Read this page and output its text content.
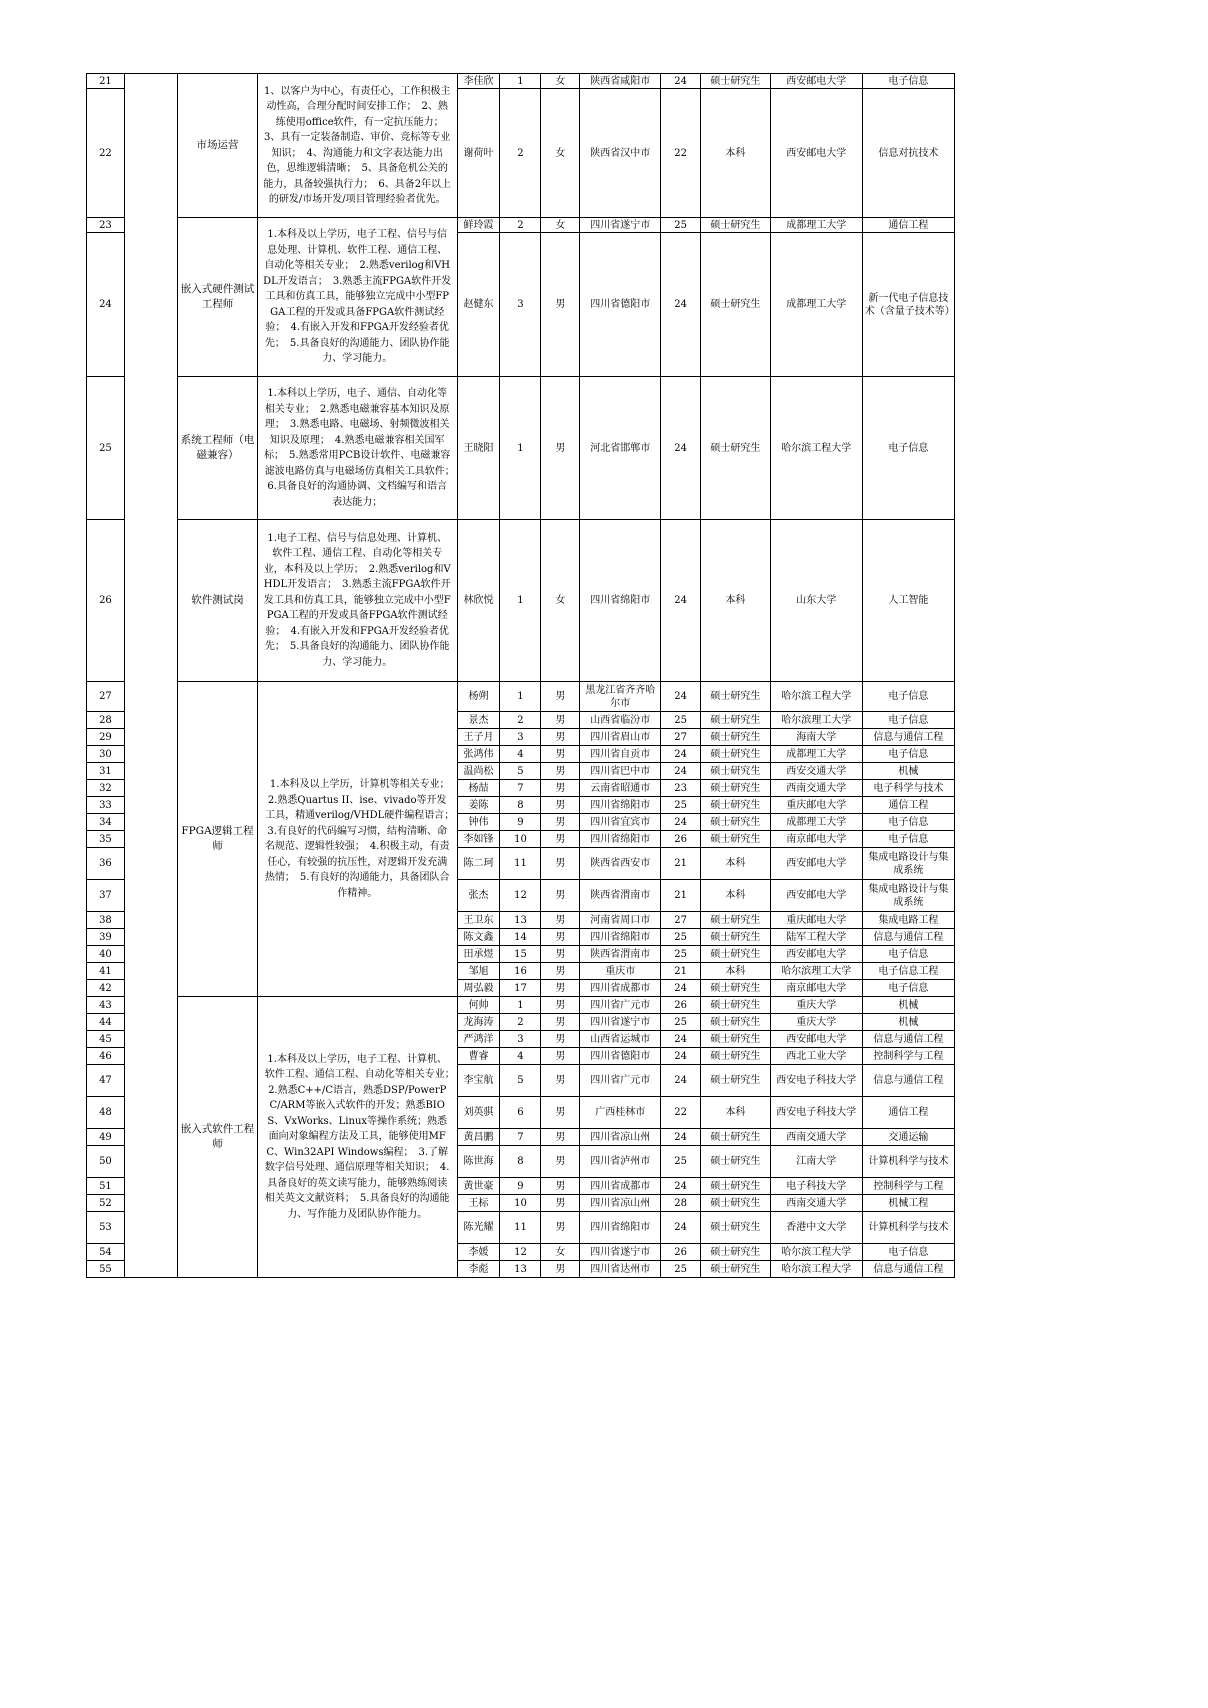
21		市场运营	1、以客户为中心，有责任心，工作积极主动性高，合理分配时间安排工作；　2、熟练使用office软件，有一定抗压能力；　3、具有一定装备制造、审价、竞标等专业知识；　4、沟通能力和文字表达能力出色，思维逻辑清晰；　5、具备危机公关的能力，具备较强执行力；　6、具备2年以上的研发/市场开发/项目管理经验者优先。	李佳欣	1	女	陕西省咸阳市	24	硕士研究生	西安邮电大学	电子信息
22				谢荷叶	2	女	陕西省汉中市	22	本科	西安邮电大学	信息对抗技术
23		嵌入式硬件测试工程师	1.本科及以上学历，电子工程、信号与信息处理、计算机、软件工程、通信工程、自动化等相关专业；　2.熟悉verilog和VHDL开发语言；　3.熟悉主流FPGA软件开发工具和仿真工具，能够独立完成中小型FPGA工程的开发或具备FPGA软件测试经验；　4.有嵌入开发和FPGA开发经验者优先；　5.具备良好的沟通能力、团队协作能力、学习能力。	鲜玲霞	2	女	四川省遂宁市	25	硕士研究生	成都理工大学	通信工程
24				赵健东	3	男	四川省德阳市	24	硕士研究生	成都理工大学	新一代电子信息技术（含量子技术等）
25		系统工程师（电磁兼容）	1.本科以上学历，电子、通信、自动化等相关专业；　2.熟悉电磁兼容基本知识及原理；　3.熟悉电路、电磁场、射频微波相关知识及原理；　4.熟悉电磁兼容相关国军标；　5.熟悉常用PCB设计软件、电磁兼容滤波电路仿真与电磁场仿真相关工具软件；　6.具备良好的沟通协调、文档编写和语言表达能力；	王晓阳	1	男	河北省邯郸市	24	硕士研究生	哈尔滨工程大学	电子信息
26		软件测试岗	1.电子工程、信号与信息处理、计算机、软件工程、通信工程、自动化等相关专业，本科及以上学历；　2.熟悉verilog和VHDL开发语言；　3.熟悉主流FPGA软件开发工具和仿真工具，能够独立完成中小型FPGA工程的开发或具备FPGA软件测试经验；　4.有嵌入开发和FPGA开发经验者优先；　5.具备良好的沟通能力、团队协作能力、学习能力。	林欣悦	1	女	四川省绵阳市	24	本科	山东大学	人工智能
27		FPGA逻辑工程师	1.本科及以上学历，计算机等相关专业；　2.熟悉Quartus II、ise、vivado等开发工具，精通verilog/VHDL硬件编程语言；　3.有良好的代码编写习惯，结构清晰、命名规范、逻辑性较强；　4.积极主动，有责任心，有较强的抗压性，对逻辑开发充满热情；　5.有良好的沟通能力，具备团队合作精神。	杨朔	1	男	黑龙江省齐齐哈尔市	24	硕士研究生	哈尔滨工程大学	电子信息
28				景杰	2	男	山西省临汾市	25	硕士研究生	哈尔滨理工大学	电子信息
29				王子月	3	男	四川省眉山市	27	硕士研究生	海南大学	信息与通信工程
30				张鸿伟	4	男	四川省自贡市	24	硕士研究生	成都理工大学	电子信息
31				温尚松	5	男	四川省巴中市	24	硕士研究生	西安交通大学	机械
32				杨喆	7	男	云南省昭通市	23	硕士研究生	西南交通大学	电子科学与技术
33				姜陈	8	男	四川省绵阳市	25	硕士研究生	重庆邮电大学	通信工程
34				钟伟	9	男	四川省宜宾市	24	硕士研究生	成都理工大学	电子信息
35				李如锋	10	男	四川省绵阳市	26	硕士研究生	南京邮电大学	电子信息
36				陈二珂	11	男	陕西省西安市	21	本科	西安邮电大学	集成电路设计与集成系统
37				张杰	12	男	陕西省渭南市	21	本科	西安邮电大学	集成电路设计与集成系统
38				王卫东	13	男	河南省周口市	27	硕士研究生	重庆邮电大学	集成电路工程
39				陈文鑫	14	男	四川省绵阳市	25	硕士研究生	陆军工程大学	信息与通信工程
40				田承煜	15	男	陕西省渭南市	25	硕士研究生	西安邮电大学	电子信息
41				邹旭	16	男	重庆市	21	本科	哈尔滨理工大学	电子信息工程
42				周弘毅	17	男	四川省成都市	24	硕士研究生	南京邮电大学	电子信息
43		嵌入式软件工程师	1.本科及以上学历，电子工程、计算机、软件工程、通信工程、自动化等相关专业；　2.熟悉C++/C语言，熟悉DSP/PowerPC/ARM等嵌入式软件的开发；熟悉BIOS、VxWorks、Linux等操作系统；熟悉面向对象编程方法及工具，能够使用MFC、Win32API Windows编程；　3.了解数字信号处理、通信原理等相关知识；　4.具备良好的英文读写能力，能够熟练阅读相关英文文献资料；　5.具备良好的沟通能力、写作能力及团队协作能力。	何帅	1	男	四川省广元市	26	硕士研究生	重庆大学	机械
44				龙海涛	2	男	四川省遂宁市	25	硕士研究生	重庆大学	机械
45				严鸿洋	3	男	山西省运城市	24	硕士研究生	西安邮电大学	信息与通信工程
46				曹睿	4	男	四川省德阳市	24	硕士研究生	西北工业大学	控制科学与工程
47				李宝航	5	男	四川省广元市	24	硕士研究生	西安电子科技大学	信息与通信工程
48				刘英骐	6	男	广西桂林市	22	本科	西安电子科技大学	通信工程
49				黄昌鹏	7	男	四川省凉山州	24	硕士研究生	西南交通大学	交通运输
50				陈世海	8	男	四川省泸州市	25	硕士研究生	江南大学	计算机科学与技术
51				黄世豪	9	男	四川省成都市	24	硕士研究生	电子科技大学	控制科学与工程
52				王标	10	男	四川省凉山州	28	硕士研究生	西南交通大学	机械工程
53				陈光耀	11	男	四川省绵阳市	24	硕士研究生	香港中文大学	计算机科学与技术
54				李媛	12	女	四川省遂宁市	26	硕士研究生	哈尔滨工程大学	电子信息
55				李彪	13	男	四川省达州市	25	硕士研究生	哈尔滨工程大学	信息与通信工程
